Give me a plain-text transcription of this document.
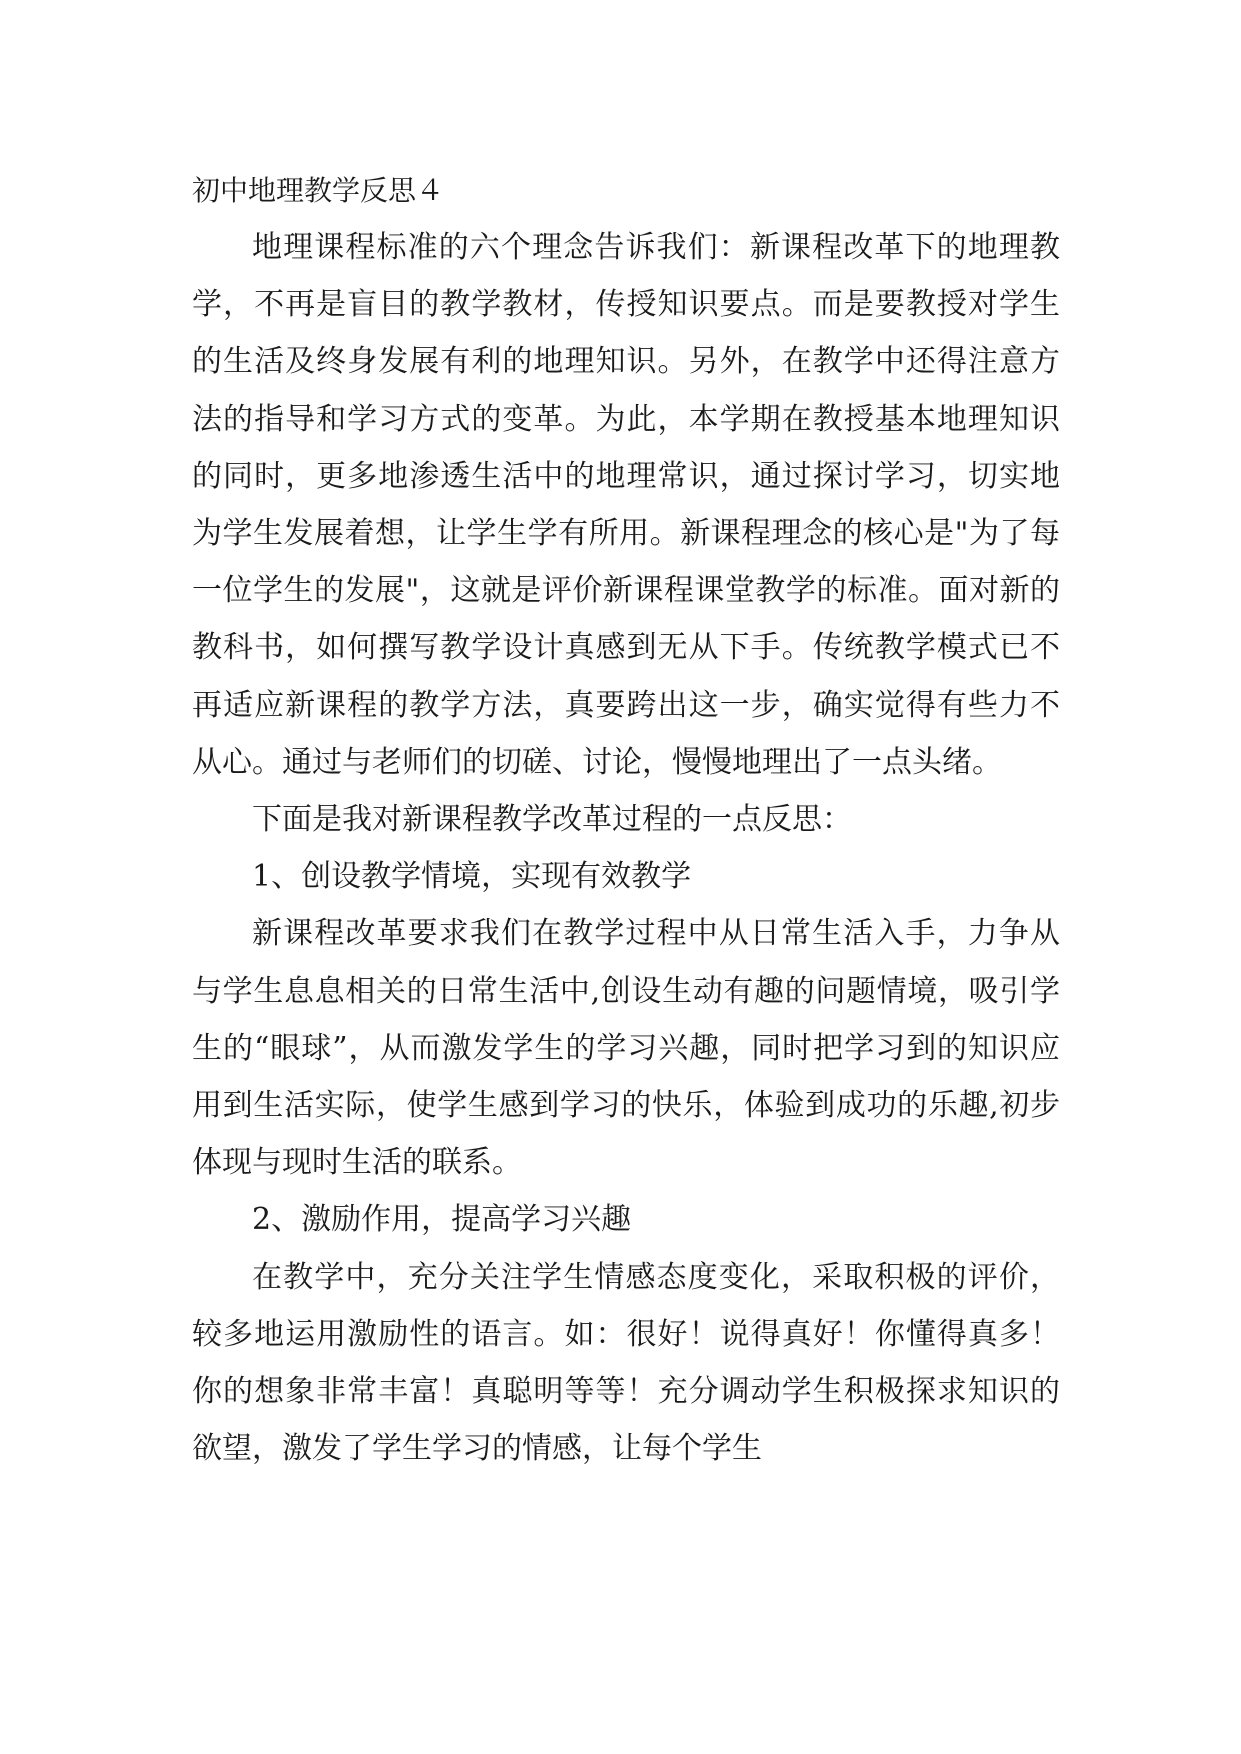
初中地理教学反思４

地理课程标准的六个理念告诉我们：新课程改革下的地理教学，不再是盲目的教学教材，传授知识要点。而是要教授对学生的生活及终身发展有利的地理知识。另外，在教学中还得注意方法的指导和学习方式的变革。为此，本学期在教授基本地理知识的同时，更多地渗透生活中的地理常识，通过探讨学习，切实地为学生发展着想，让学生学有所用。新课程理念的核心是"为了每一位学生的发展"，这就是评价新课程课堂教学的标准。面对新的教科书，如何撰写教学设计真感到无从下手。传统教学模式已不再适应新课程的教学方法，真要跨出这一步，确实觉得有些力不从心。通过与老师们的切磋、讨论，慢慢地理出了一点头绪。

下面是我对新课程教学改革过程的一点反思：

1、创设教学情境，实现有效教学

新课程改革要求我们在教学过程中从日常生活入手，力争从与学生息息相关的日常生活中,创设生动有趣的问题情境，吸引学生的“眼球”，从而激发学生的学习兴趣，同时把学习到的知识应用到生活实际，使学生感到学习的快乐，体验到成功的乐趣,初步体现与现时生活的联系。

2、激励作用，提高学习兴趣

在教学中，充分关注学生情感态度变化，采取积极的评价，较多地运用激励性的语言。如：很好！说得真好！你懂得真多！你的想象非常丰富！真聪明等等！充分调动学生积极探求知识的欲望，激发了学生学习的情感，让每个学生
